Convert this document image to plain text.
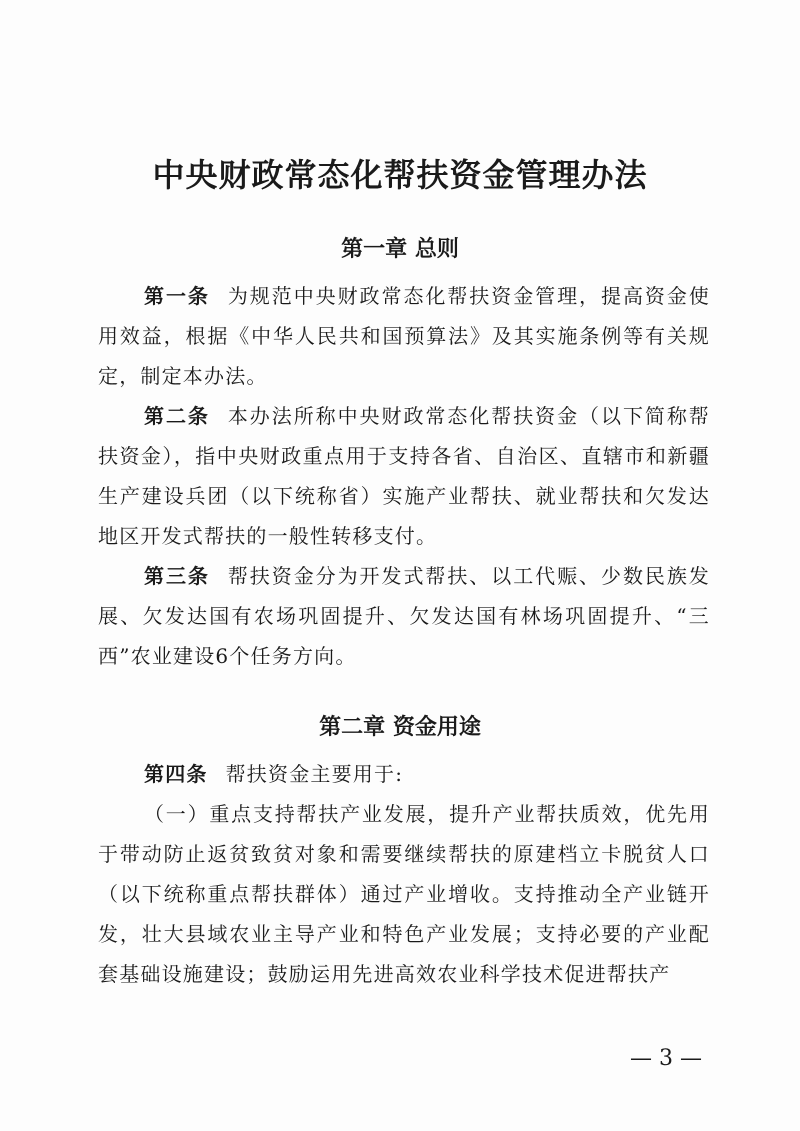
中央财政常态化帮扶资金管理办法
第一章 总则

第一条 为规范中央财政常态化帮扶资金管理，提高资金使用效益，根据《中华人民共和国预算法》及其实施条例等有关规定，制定本办法。

第二条 本办法所称中央财政常态化帮扶资金（以下简称帮扶资金），指中央财政重点用于支持各省、自治区、直辖市和新疆生产建设兵团（以下统称省）实施产业帮扶、就业帮扶和欠发达地区开发式帮扶的一般性转移支付。

第三条 帮扶资金分为开发式帮扶、以工代赈、少数民族发展、欠发达国有农场巩固提升、欠发达国有林场巩固提升、“三西”农业建设6个任务方向。

第二章 资金用途

第四条 帮扶资金主要用于:

（一）重点支持帮扶产业发展，提升产业帮扶质效，优先用于带动防止返贫致贫对象和需要继续帮扶的原建档立卡脱贫人口（以下统称重点帮扶群体）通过产业增收。支持推动全产业链开发，壮大县域农业主导产业和特色产业发展；支持必要的产业配套基础设施建设；鼓励运用先进高效农业科学技术促进帮扶产

— 3 —
